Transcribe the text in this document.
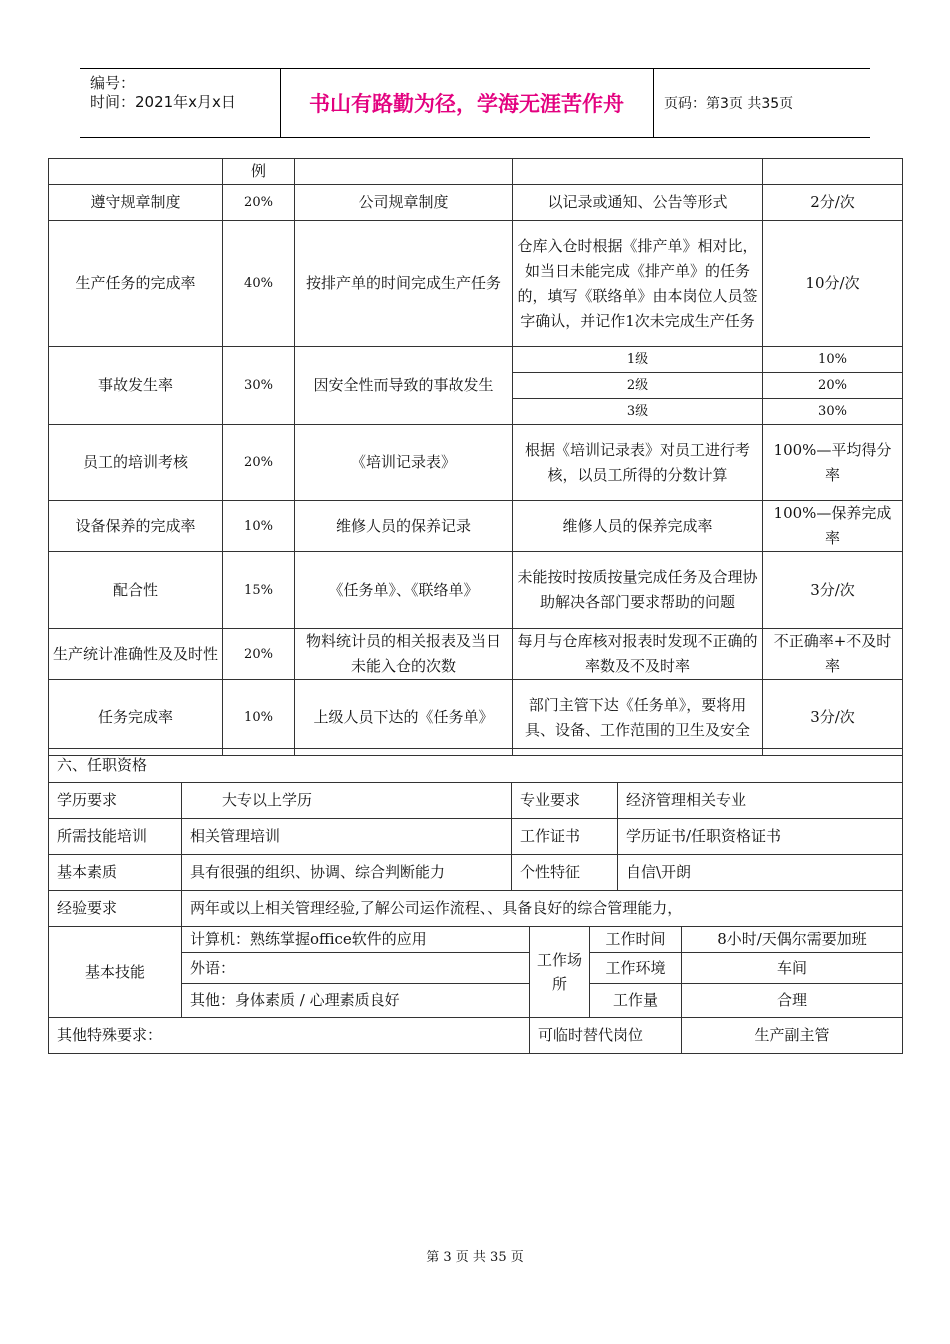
编号：
时间：2021年x月x日	书山有路勤为径，学海无涯苦作舟	页码：第3页 共35页
	例			
遵守规章制度	20%	公司规章制度	以记录或通知、公告等形式	2分/次
生产任务的完成率	40%	按排产单的时间完成生产任务	仓库入仓时根据《排产单》相对比，如当日未能完成《排产单》的任务的，填写《联络单》由本岗位人员签字确认，并记作1次未完成生产任务	10分/次
事故发生率	30%	因安全性而导致的事故发生	1级	10%
			2级	20%
			3级	30%
员工的培训考核	20%	《培训记录表》	根据《培训记录表》对员工进行考核，以员工所得的分数计算	100%—平均得分率
设备保养的完成率	10%	维修人员的保养记录	维修人员的保养完成率	100%—保养完成率
配合性	15%	《任务单》、《联络单》	未能按时按质按量完成任务及合理协助解决各部门要求帮助的问题	3分/次
生产统计准确性及及时性	20%	物料统计员的相关报表及当日未能入仓的次数	每月与仓库核对报表时发现不正确的率数及不及时率	不正确率+不及时率
任务完成率	10%	上级人员下达的《任务单》	部门主管下达《任务单》，要将用具、设备、工作范围的卫生及安全	3分/次
六、任职资格						
学历要求	大专以上学历	专业要求			经济管理相关专业	
所需技能培训	相关管理培训	工作证书			学历证书/任职资格证书	
基本素质	具有很强的组织、协调、综合判断能力	个性特征			自信\开朗	
经验要求	两年或以上相关管理经验,了解公司运作流程、、具备良好的综合管理能力，					
基本技能	计算机：熟练掌握office软件的应用		工作场所	工作时间		8小时/天偶尔需要加班
	外语：			工作环境		车间
	其他：身体素质 / 心理素质良好			工作量		合理
其他特殊要求：			可临时替代岗位			生产副主管
第 3 页 共 35 页
